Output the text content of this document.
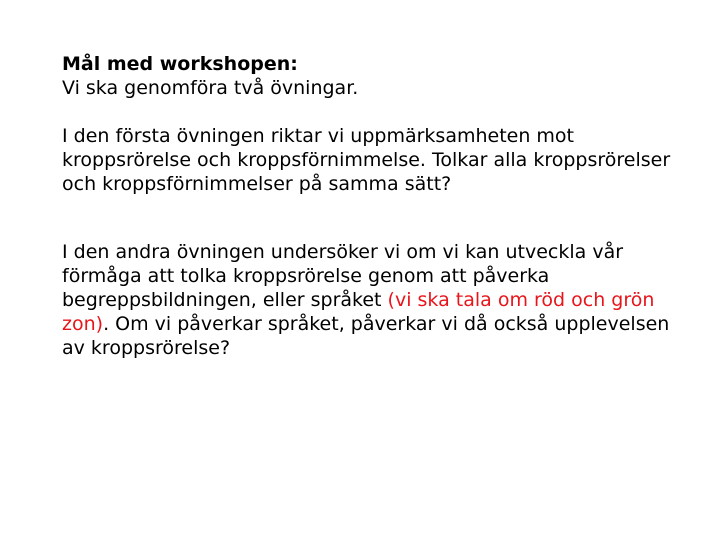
Mål med workshopen:

Vi ska genomföra två övningar.

I den första övningen riktar vi uppmärksamheten mot kroppsrörelse och kroppsförnimmelse. Tolkar alla kroppsrörelser och kroppsförnimmelser på samma sätt?

I den andra övningen undersöker vi om vi kan utveckla vår förmåga att tolka kroppsrörelse genom att påverka begreppsbildningen, eller språket (vi ska tala om röd och grön zon). Om vi påverkar språket, påverkar vi då också upplevelsen av kroppsrörelse?
